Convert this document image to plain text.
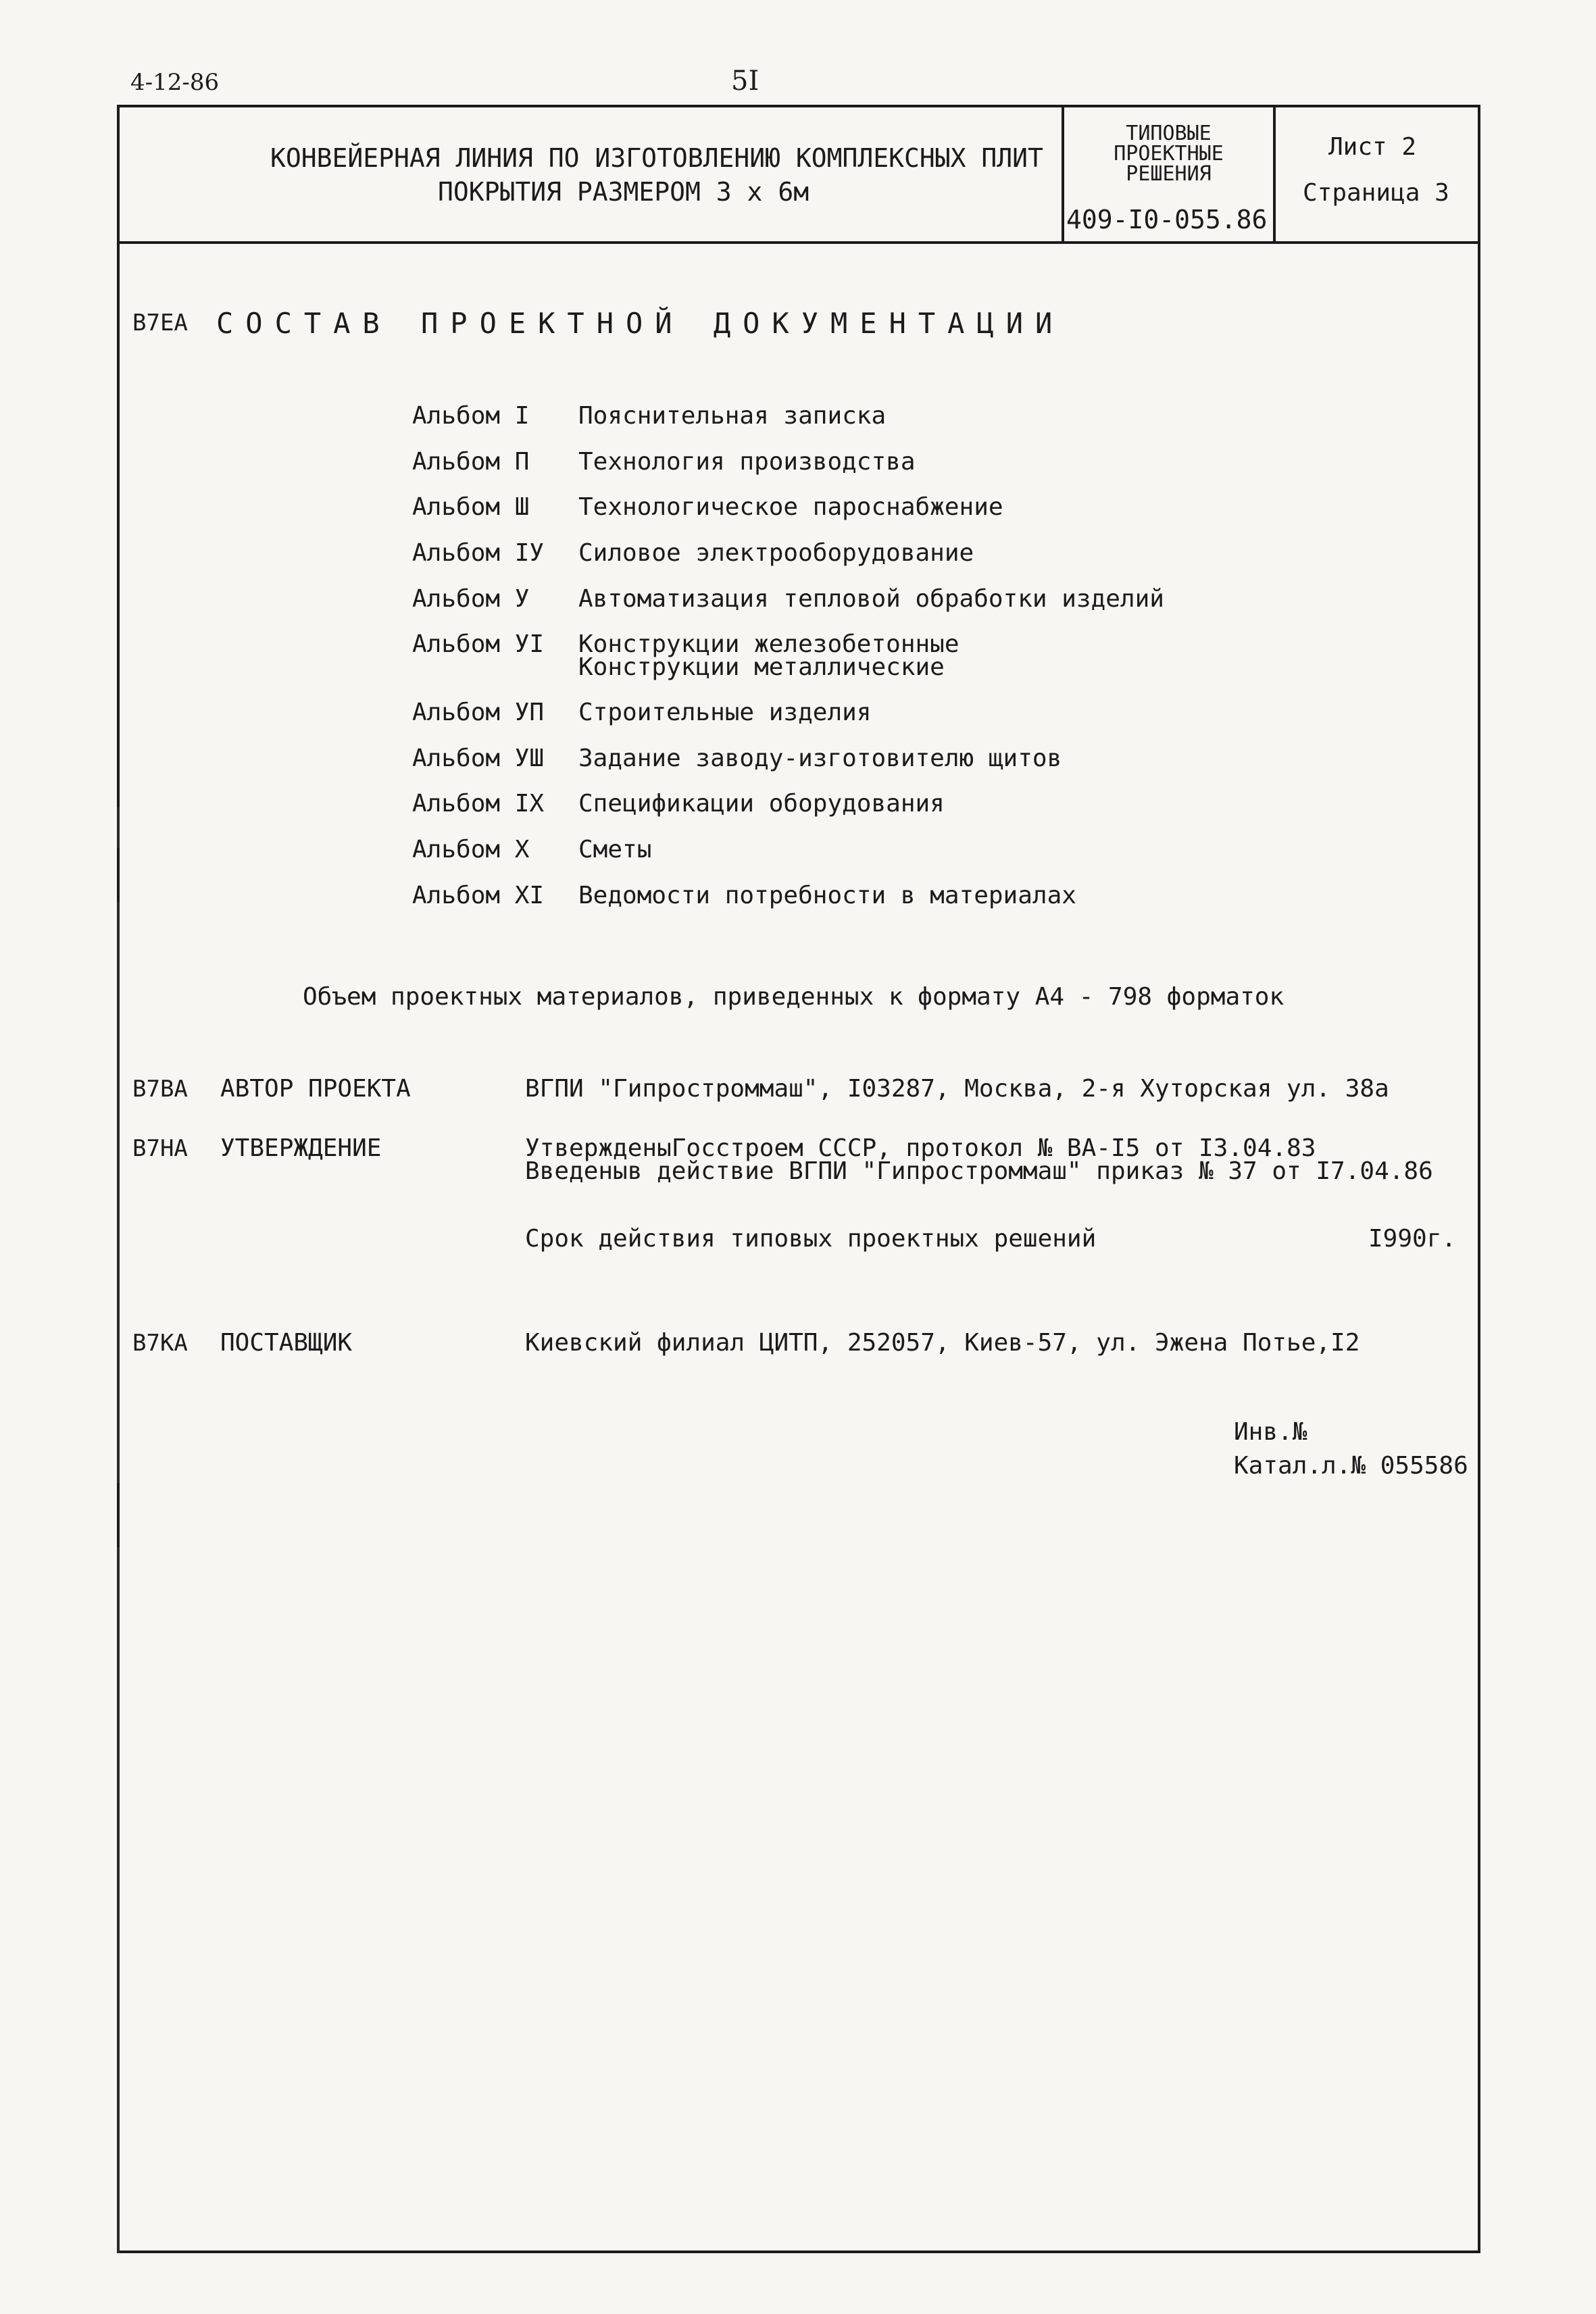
4-12-86	5I
КОНВЕЙЕРНАЯ ЛИНИЯ ПО ИЗГОТОВЛЕНИЮ КОМПЛЕКСНЫХ ПЛИТ
ПОКРЫТИЯ РАЗМЕРОМ 3 х 6м
ТИПОВЫЕ
ПРОЕКТНЫЕ
РЕШЕНИЯ
409-I0-055.86
Лист 2
Страница 3
В7ЕА СОСТАВ ПРОЕКТНОЙ ДОКУМЕНТАЦИИ
Альбом I	Пояснительная записка
Альбом П	Технология производства
Альбом Ш	Технологическое пароснабжение
Альбом IУ Силовое электрооборудование
Альбом У	Автоматизация тепловой обработки изделий
Альбом УI Конструкции железобетонные
Конструкции металлические
Альбом УП Строительные изделия
Альбом УШ Задание заводу-изготовителю щитов
Альбом IX Спецификации оборудования
Альбом X	Сметы
Альбом XI Ведомости потребности в материалах
Объем проектных материалов, приведенных к формату А4 - 798 форматок
В7ВА АВТОР ПРОЕКТА	ВГПИ "Гипростроммаш", I03287, Москва, 2-я Хуторская ул. 38а
В7НА УТВЕРЖДЕНИЕ	УтвержденыГосстроем СССР, протокол № ВА-I5 от I3.04.83
Введеныв действие ВГПИ "Гипростроммаш" приказ № 37 от I7.04.86
Срок действия типовых проектных решений	I990г.
В7КА ПОСТАВЩИК	Киевский филиал ЦИТП, 252057, Киев-57, ул. Эжена Потье,I2
Инв.№
Катал.л.№ 055586
